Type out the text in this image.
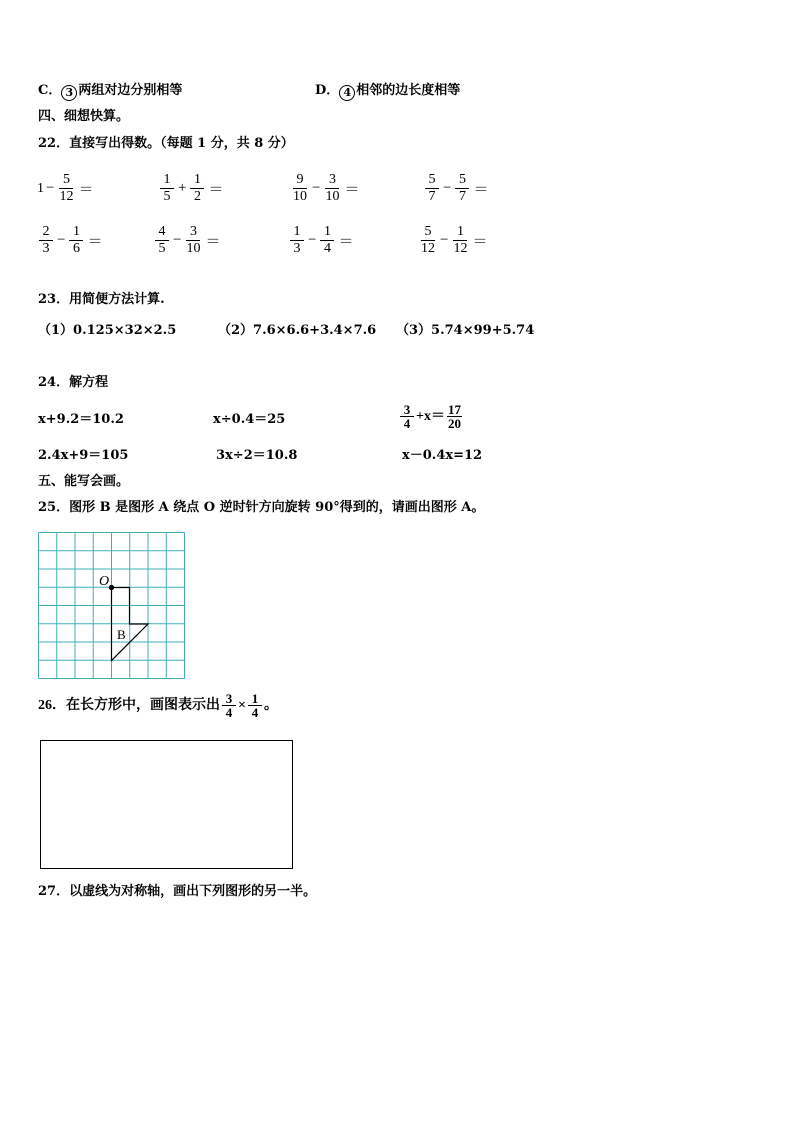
C． 3 两组对边分别相等	D． 4 相邻的边长度相等
四、细想快算。
22．直接写出得数。（每题 1 分，共 8 分）
$1 - \frac{5}{12}$ ＝	$\frac{1}{5} + \frac{1}{2}$ ＝	$\frac{9}{10} - \frac{3}{10}$ ＝	$\frac{5}{7} - \frac{5}{7}$ ＝
$\frac{2}{3} - \frac{1}{6}$ ＝	$\frac{4}{5} - \frac{3}{10}$ ＝	$\frac{1}{3} - \frac{1}{4}$ ＝	$\frac{5}{12} - \frac{1}{12}$ ＝
23．用简便方法计算.
（1）0.125×32×2.5	（2）7.6×6.6+3.4×7.6 （3）5.74×99+5.74
24．解方程
x+9.2＝10.2	x÷0.4＝25	$\frac{3}{4} +x= \frac{17}{20}$
2.4x+9＝105	3x÷2＝10.8	x－0.4x=12
五、能写会画。
25．图形 B 是图形 A 绕点 O 逆时针方向旋转 90°得到的，请画出图形 A。
O
B
26．在长方形中，画图表示出 $\frac{3}{4} \times \frac{1}{4}$ 。
27．以虚线为对称轴，画出下列图形的另一半。
